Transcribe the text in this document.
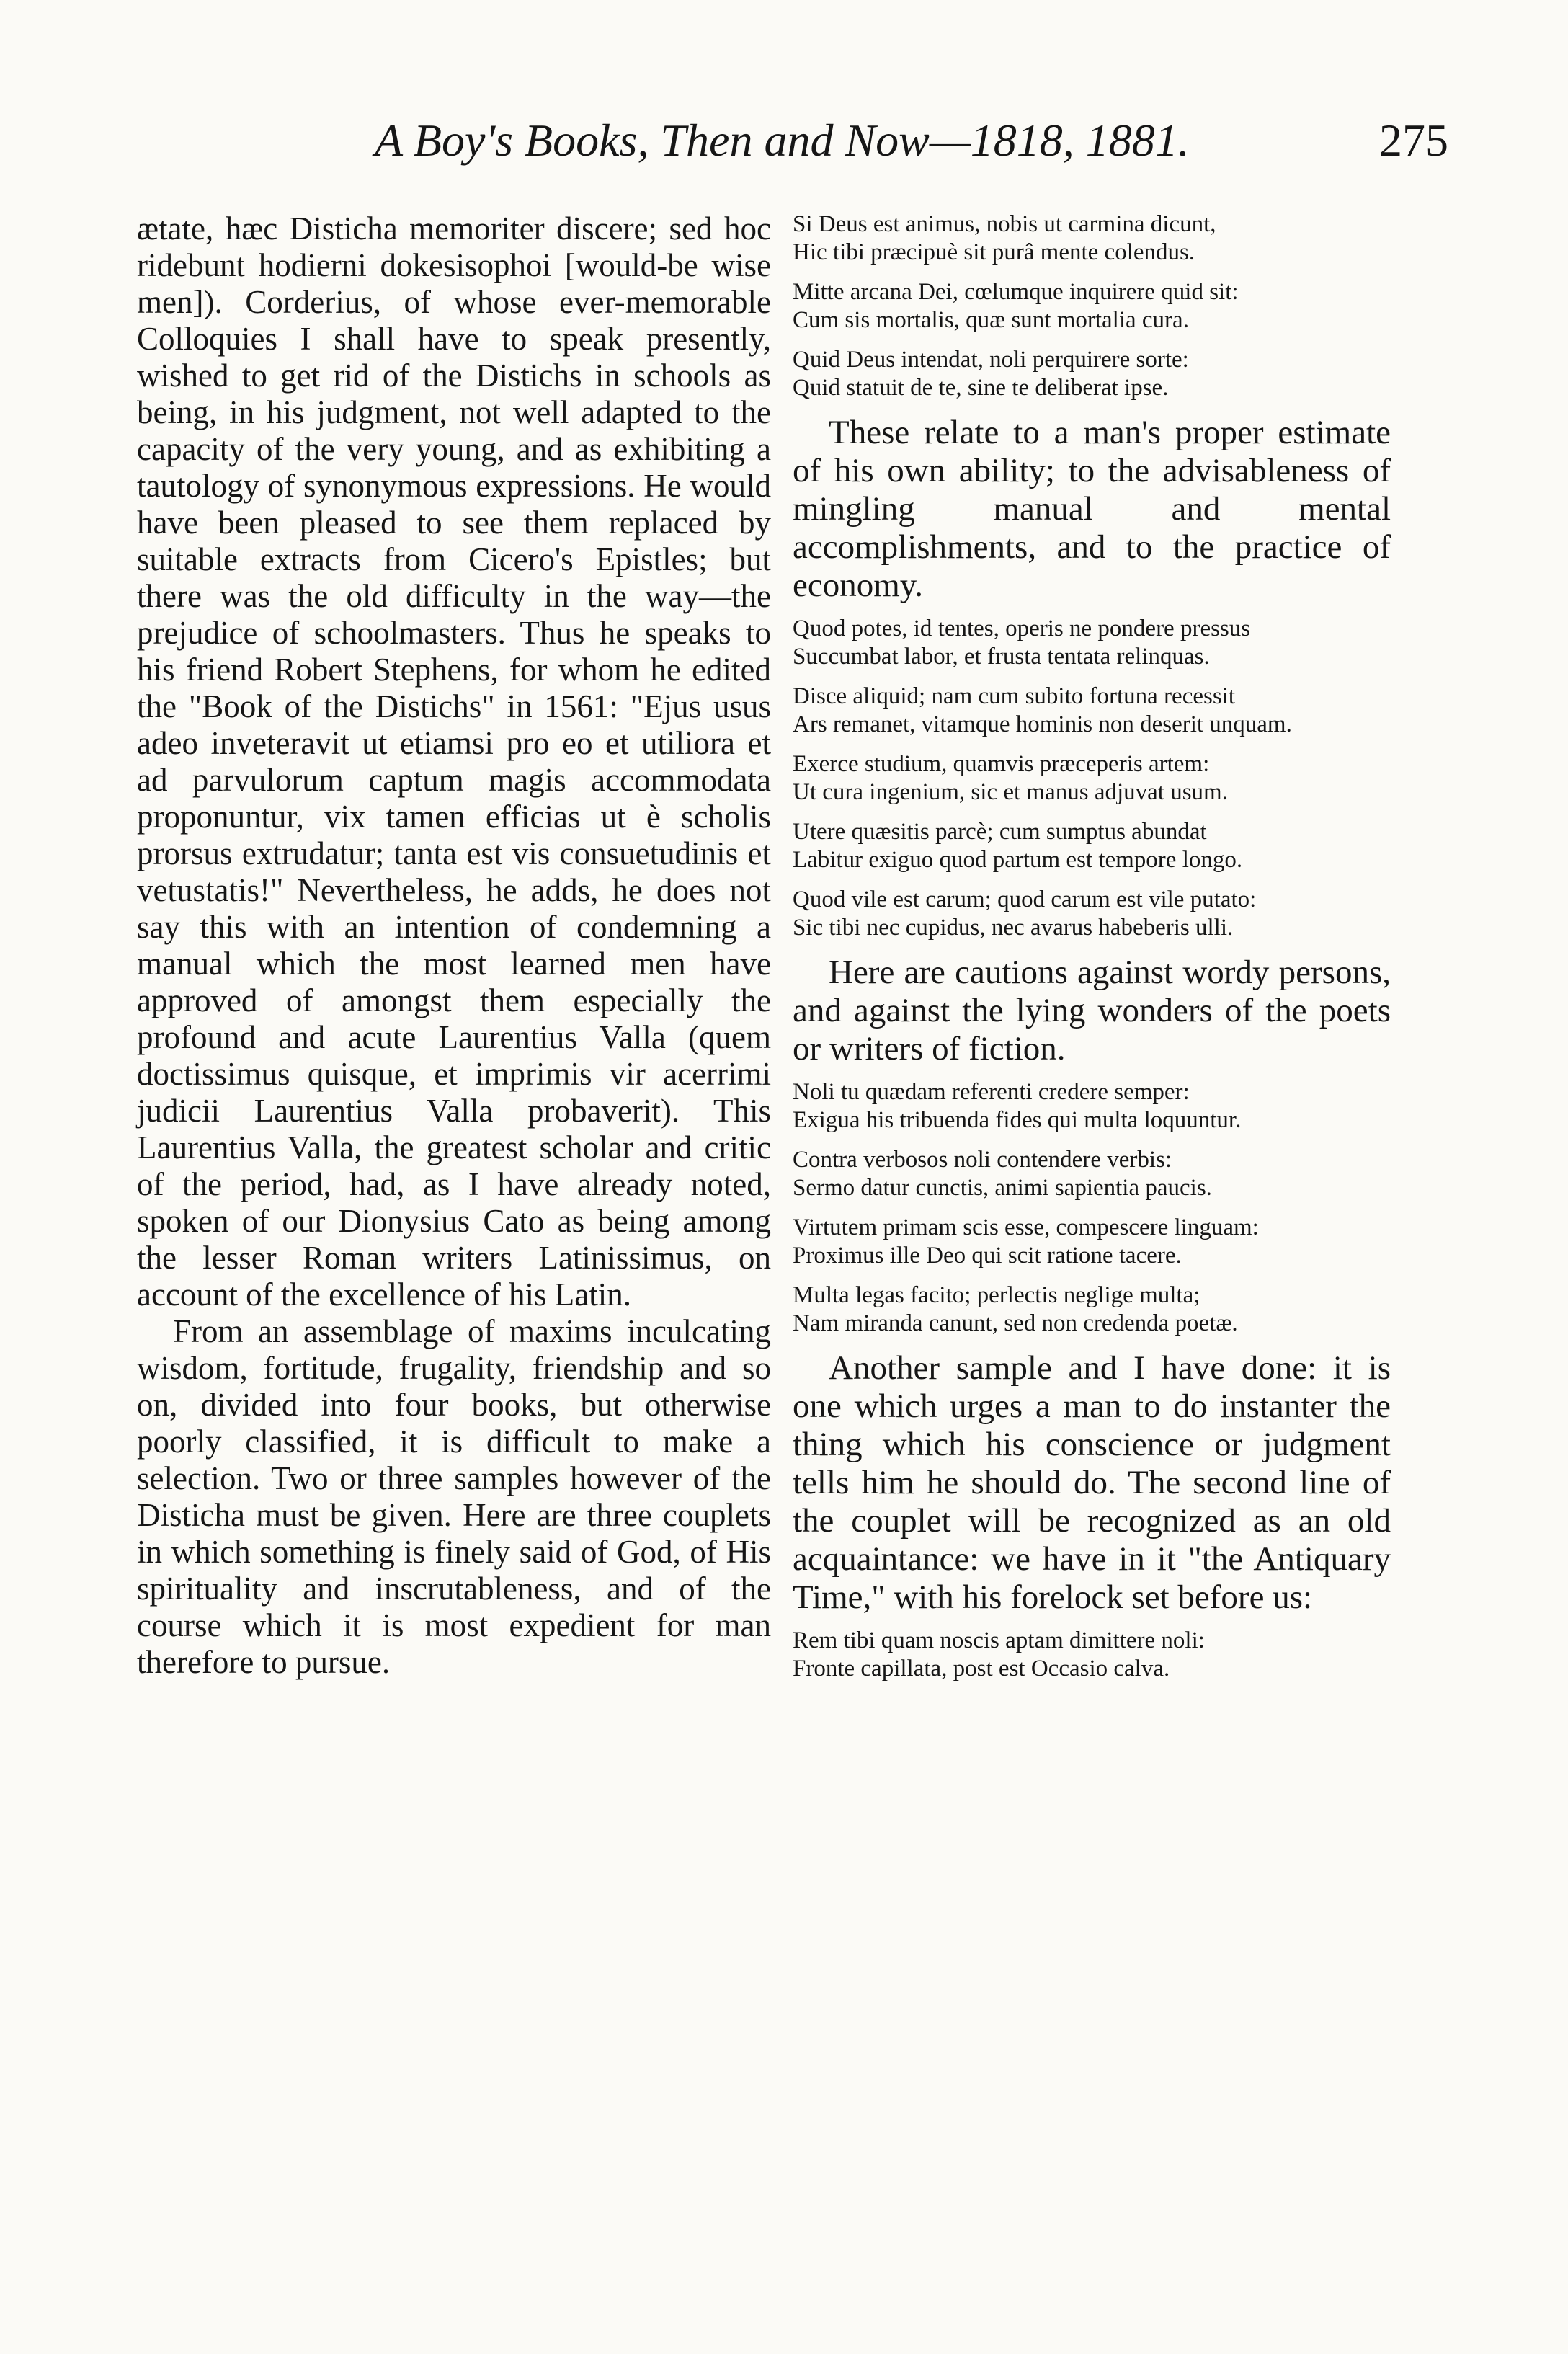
A Boy's Books, Then and Now—1818, 1881.	275

ætate, hæc Disticha memoriter discere; sed hoc ridebunt hodierni dokesisophoi [would-be wise men]). Corderius, of whose ever-memorable Colloquies I shall have to speak presently, wished to get rid of the Distichs in schools as being, in his judgment, not well adapted to the capacity of the very young, and as exhibiting a tautology of synonymous expressions. He would have been pleased to see them replaced by suitable extracts from Cicero's Epistles; but there was the old difficulty in the way—the prejudice of schoolmasters. Thus he speaks to his friend Robert Stephens, for whom he edited the "Book of the Distichs" in 1561: "Ejus usus adeo inveteravit ut etiamsi pro eo et utiliora et ad parvulorum captum magis accommodata proponuntur, vix tamen efficias ut è scholis prorsus extrudatur; tanta est vis consuetudinis et vetustatis!" Nevertheless, he adds, he does not say this with an intention of condemning a manual which the most learned men have approved of amongst them especially the profound and acute Laurentius Valla (quem doctissimus quisque, et imprimis vir acerrimi judicii Laurentius Valla probaverit). This Laurentius Valla, the greatest scholar and critic of the period, had, as I have already noted, spoken of our Dionysius Cato as being among the lesser Roman writers Latinissimus, on account of the excellence of his Latin.

From an assemblage of maxims inculcating wisdom, fortitude, frugality, friendship and so on, divided into four books, but otherwise poorly classified, it is difficult to make a selection. Two or three samples however of the Disticha must be given. Here are three couplets in which something is finely said of God, of His spirituality and inscrutableness, and of the course which it is most expedient for man therefore to pursue.

Si Deus est animus, nobis ut carmina dicunt,
Hic tibi præcipuè sit purâ mente colendus.
Mitte arcana Dei, cœlumque inquirere quid sit:
Cum sis mortalis, quæ sunt mortalia cura.
Quid Deus intendat, noli perquirere sorte:
Quid statuit de te, sine te deliberat ipse.

These relate to a man's proper estimate of his own ability; to the advisableness of mingling manual and mental accomplishments, and to the practice of economy.

Quod potes, id tentes, operis ne pondere pressus
Succumbat labor, et frusta tentata relinquas.
Disce aliquid; nam cum subito fortuna recessit
Ars remanet, vitamque hominis non deserit unquam.
Exerce studium, quamvis præceperis artem:
Ut cura ingenium, sic et manus adjuvat usum.
Utere quæsitis parcè; cum sumptus abundat
Labitur exiguo quod partum est tempore longo.
Quod vile est carum; quod carum est vile putato:
Sic tibi nec cupidus, nec avarus habeberis ulli.

Here are cautions against wordy persons, and against the lying wonders of the poets or writers of fiction.

Noli tu quædam referenti credere semper:
Exigua his tribuenda fides qui multa loquuntur.
Contra verbosos noli contendere verbis:
Sermo datur cunctis, animi sapientia paucis.
Virtutem primam scis esse, compescere linguam:
Proximus ille Deo qui scit ratione tacere.
Multa legas facito; perlectis neglige multa;
Nam miranda canunt, sed non credenda poetæ.

Another sample and I have done: it is one which urges a man to do instanter the thing which his conscience or judgment tells him he should do. The second line of the couplet will be recognized as an old acquaintance: we have in it "the Antiquary Time," with his forelock set before us:

Rem tibi quam noscis aptam dimittere noli:
Fronte capillata, post est Occasio calva.
